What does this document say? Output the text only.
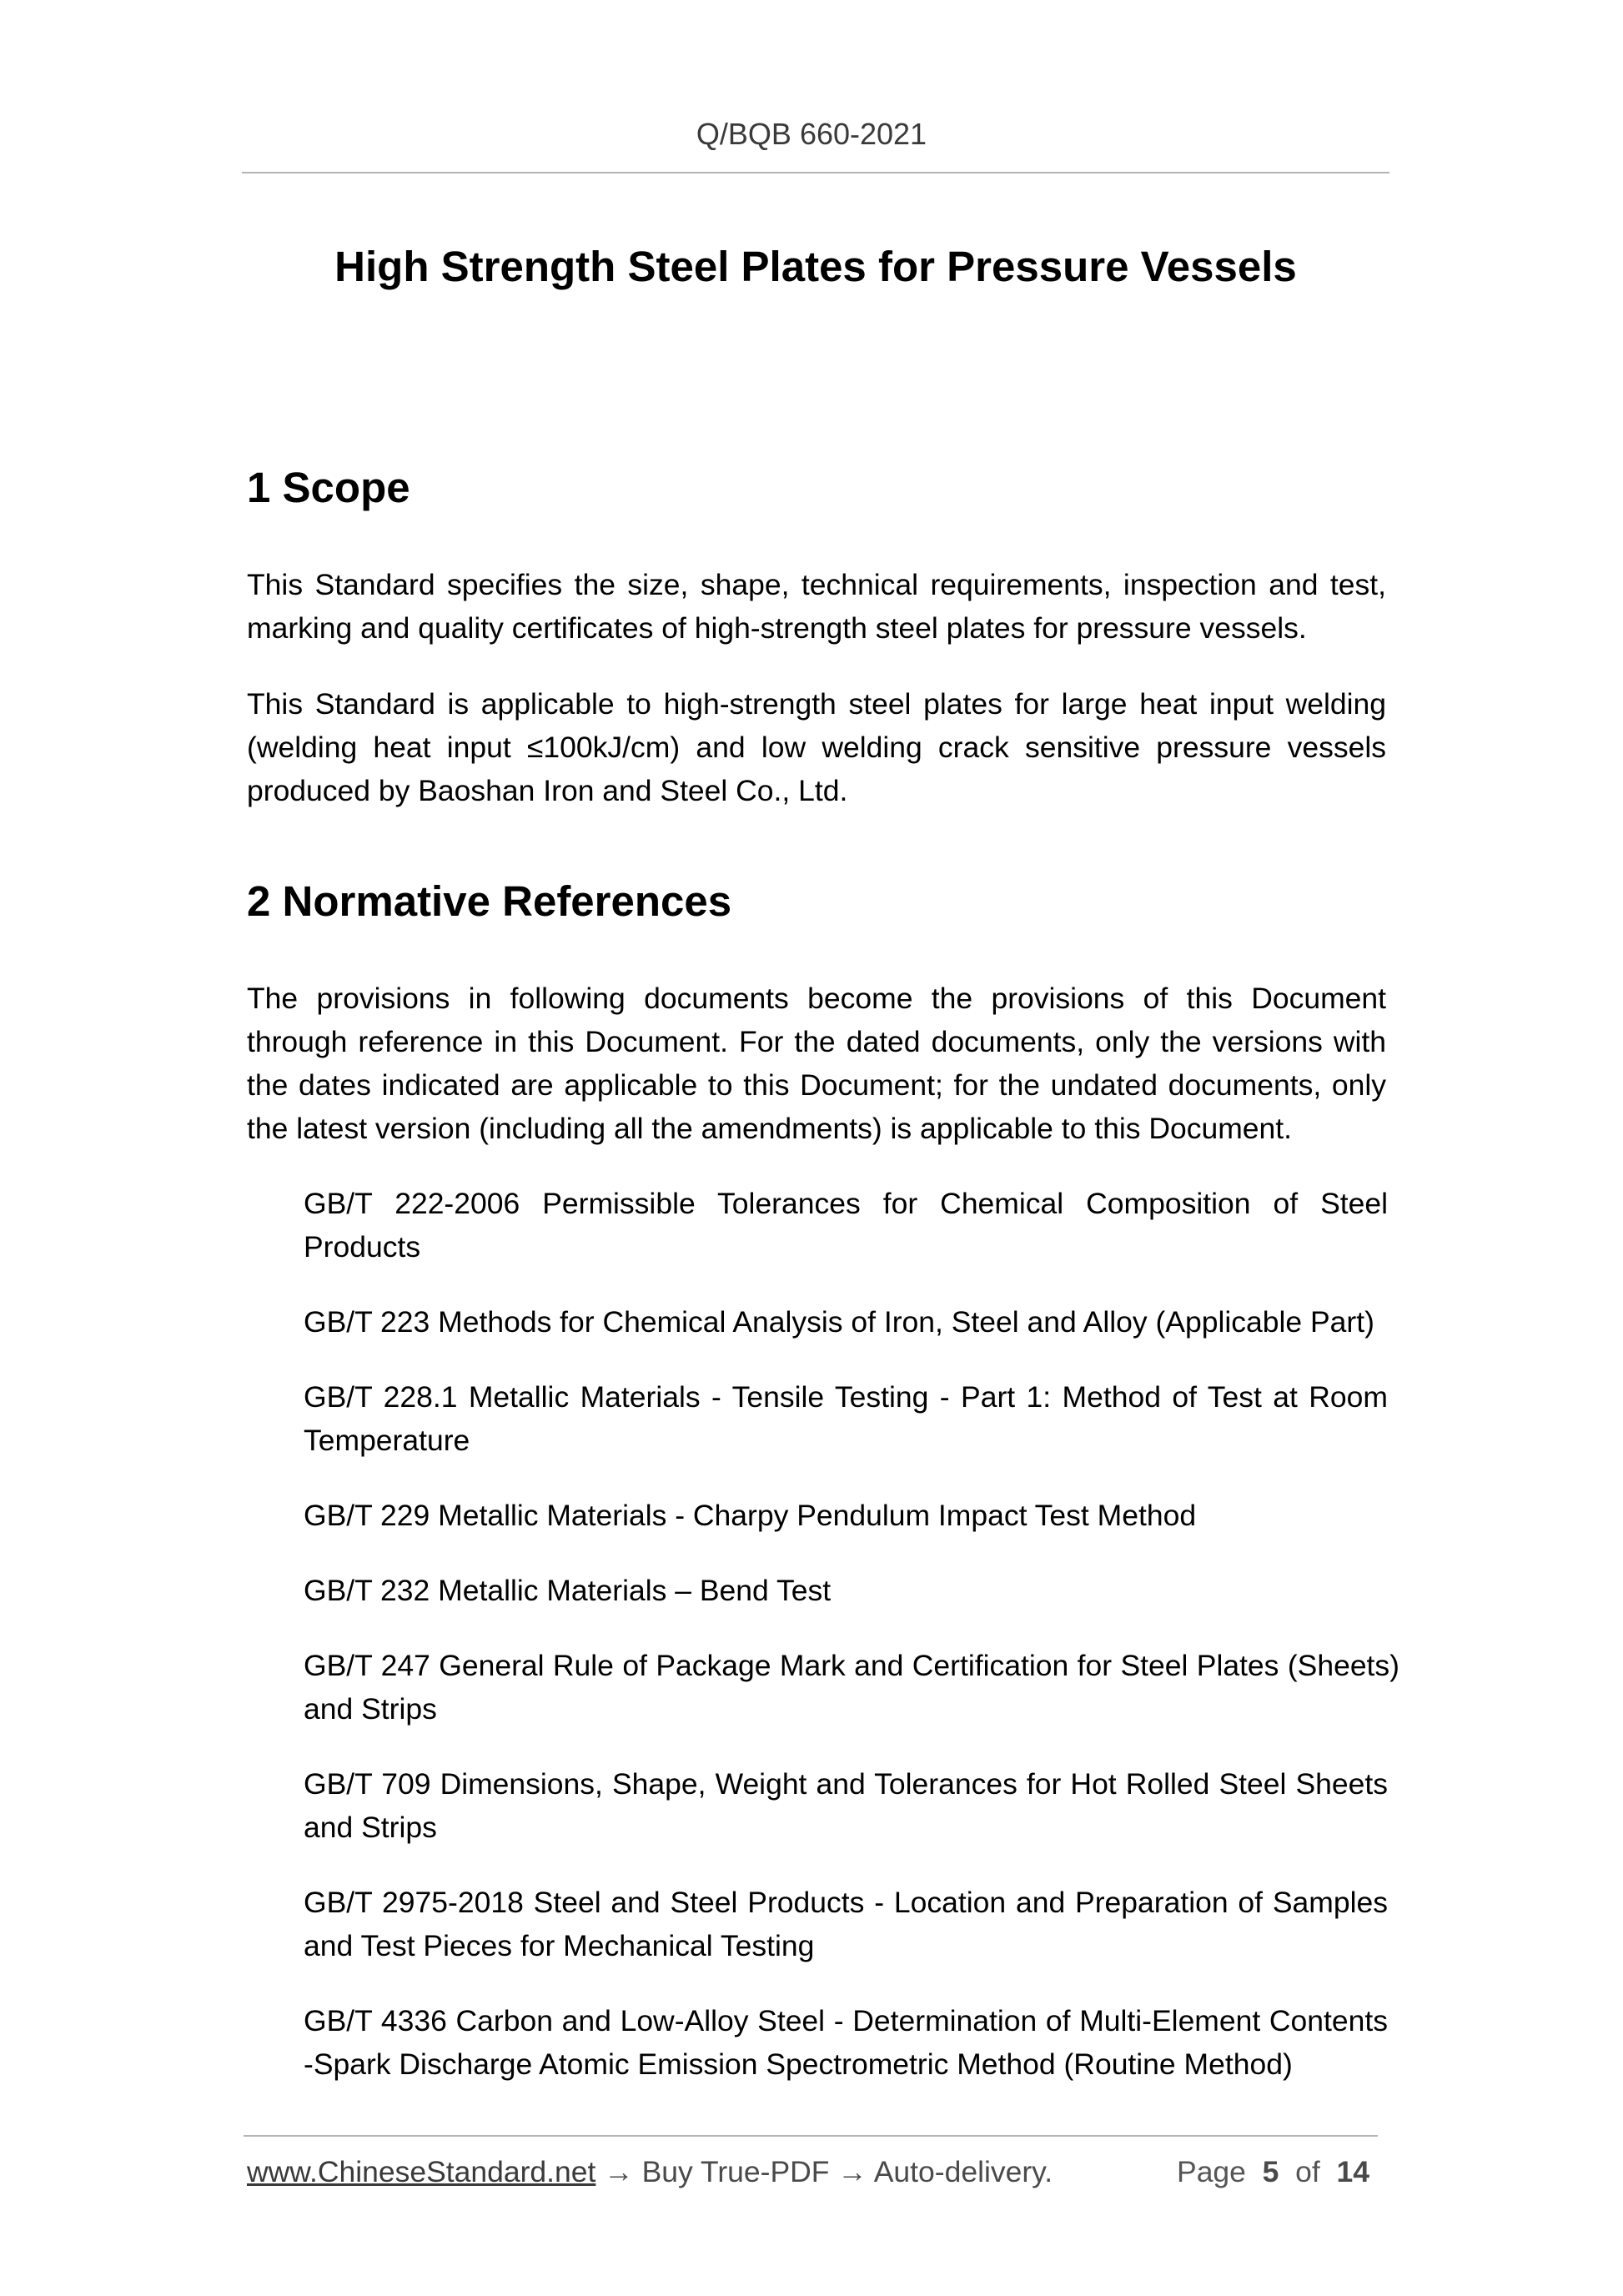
Q/BQB 660-2021
High Strength Steel Plates for Pressure Vessels
1 Scope
This Standard specifies the size, shape, technical requirements, inspection and test, marking and quality certificates of high-strength steel plates for pressure vessels.
This Standard is applicable to high-strength steel plates for large heat input welding (welding heat input ≤100kJ/cm) and low welding crack sensitive pressure vessels produced by Baoshan Iron and Steel Co., Ltd.
2 Normative References
The provisions in following documents become the provisions of this Document through reference in this Document. For the dated documents, only the versions with the dates indicated are applicable to this Document; for the undated documents, only the latest version (including all the amendments) is applicable to this Document.
GB/T 222-2006 Permissible Tolerances for Chemical Composition of Steel Products
GB/T 223 Methods for Chemical Analysis of Iron, Steel and Alloy (Applicable Part)
GB/T 228.1 Metallic Materials - Tensile Testing - Part 1: Method of Test at Room Temperature
GB/T 229 Metallic Materials - Charpy Pendulum Impact Test Method
GB/T 232 Metallic Materials – Bend Test
GB/T 247 General Rule of Package Mark and Certification for Steel Plates (Sheets) and Strips
GB/T 709 Dimensions, Shape, Weight and Tolerances for Hot Rolled Steel Sheets and Strips
GB/T 2975-2018 Steel and Steel Products - Location and Preparation of Samples and Test Pieces for Mechanical Testing
GB/T 4336 Carbon and Low-Alloy Steel - Determination of Multi-Element Contents -Spark Discharge Atomic Emission Spectrometric Method (Routine Method)
www.ChineseStandard.net → Buy True-PDF → Auto-delivery.	Page 5 of 14
